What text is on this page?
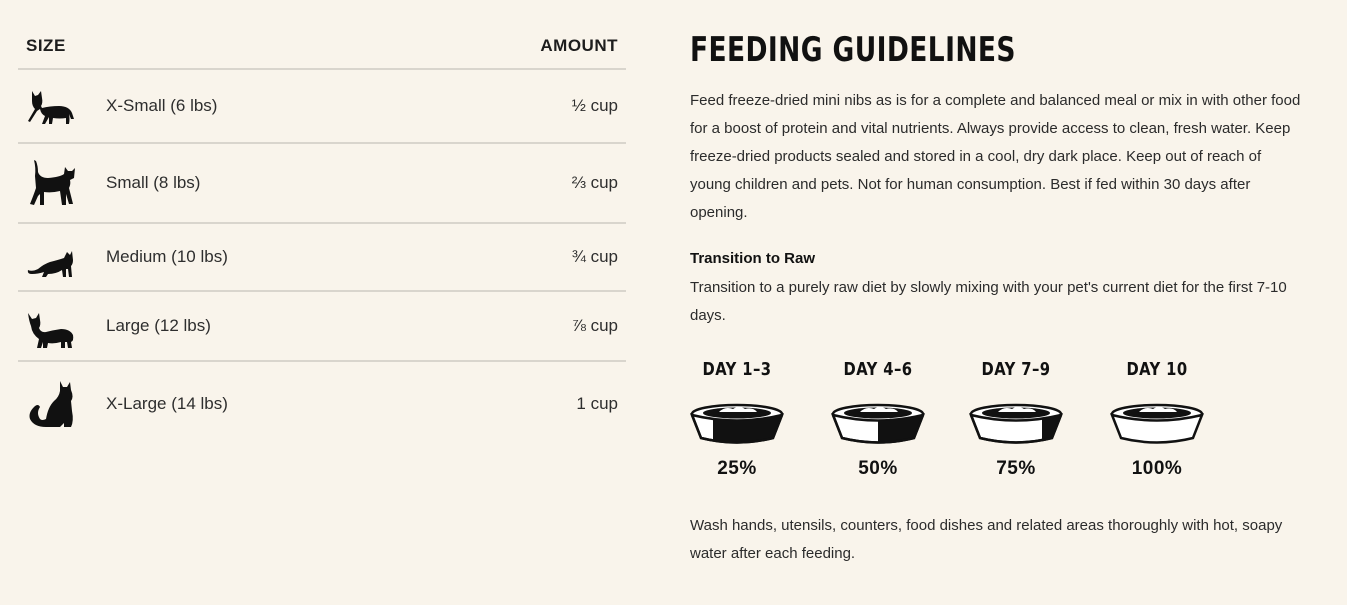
SIZE	AMOUNT
X-Small (6 lbs)	½ cup
Small (8 lbs)	⅔ cup
Medium (10 lbs)	¾ cup
Large (12 lbs)	⅞ cup
X-Large (14 lbs)	1 cup
FEEDING GUIDELINES

Feed freeze-dried mini nibs as is for a complete and balanced meal or mix in with other food for a boost of protein and vital nutrients. Always provide access to clean, fresh water. Keep freeze-dried products sealed and stored in a cool, dry dark place. Keep out of reach of young children and pets. Not for human consumption. Best if fed within 30 days after opening.

Transition to Raw

Transition to a purely raw diet by slowly mixing with your pet's current diet for the first 7-10 days.

DAY 1–3
25%
DAY 4–6
50%
DAY 7–9
75%
DAY 10
100%

Wash hands, utensils, counters, food dishes and related areas thoroughly with hot, soapy water after each feeding.
